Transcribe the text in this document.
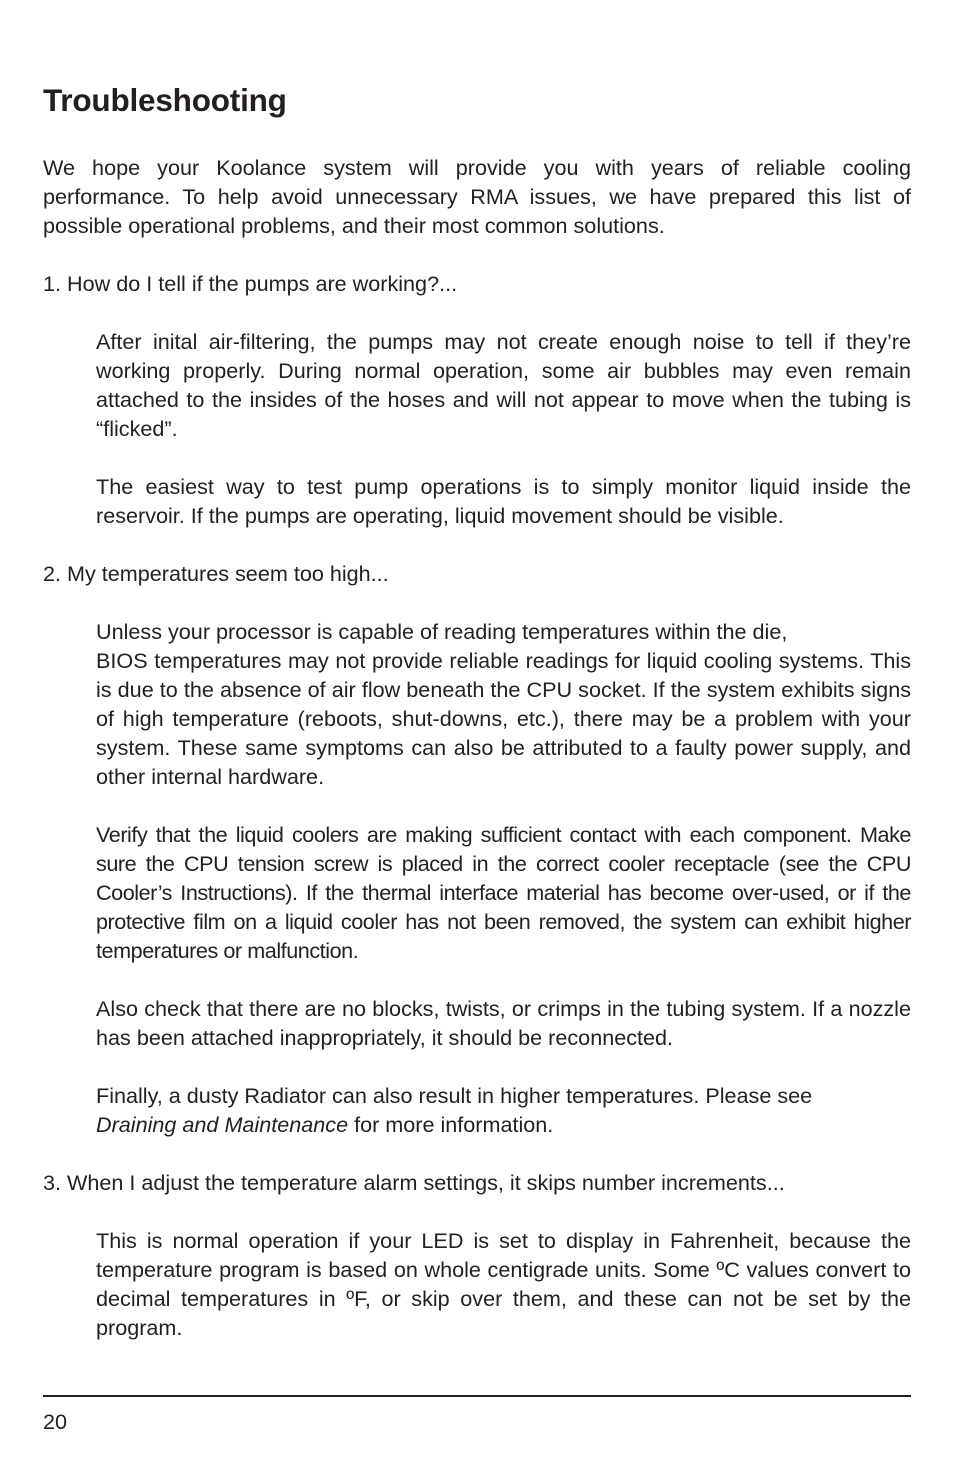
Troubleshooting

We hope your Koolance system will provide you with years of reliable cooling performance. To help avoid unnecessary RMA issues, we have prepared this list of possible operational problems, and their most common solutions.

1. How do I tell if the pumps are working?...

After inital air-filtering, the pumps may not create enough noise to tell if they’re working properly. During normal operation, some air bubbles may even remain attached to the insides of the hoses and will not appear to move when the tubing is “flicked”.

The easiest way to test pump operations is to simply monitor liquid inside the reservoir. If the pumps are operating, liquid movement should be visible.

2. My temperatures seem too high...

Unless your processor is capable of reading temperatures within the die,

BIOS temperatures may not provide reliable readings for liquid cooling systems. This is due to the absence of air flow beneath the CPU socket. If the system exhibits signs of high temperature (reboots, shut-downs, etc.), there may be a problem with your system. These same symptoms can also be attributed to a faulty power supply, and other internal hardware.

Verify that the liquid coolers are making sufficient contact with each component. Make sure the CPU tension screw is placed in the correct cooler receptacle (see the CPU Cooler’s Instructions). If the thermal interface material has become over-used, or if the protective film on a liquid cooler has not been removed, the system can exhibit higher temperatures or malfunction.

Also check that there are no blocks, twists, or crimps in the tubing system. If a nozzle has been attached inappropriately, it should be reconnected.

Finally, a dusty Radiator can also result in higher temperatures. Please see
Draining and Maintenance for more information.

3. When I adjust the temperature alarm settings, it skips number increments...

This is normal operation if your LED is set to display in Fahrenheit, because the temperature program is based on whole centigrade units. Some ºC values convert to decimal temperatures in ºF, or skip over them, and these can not be set by the program.

20
